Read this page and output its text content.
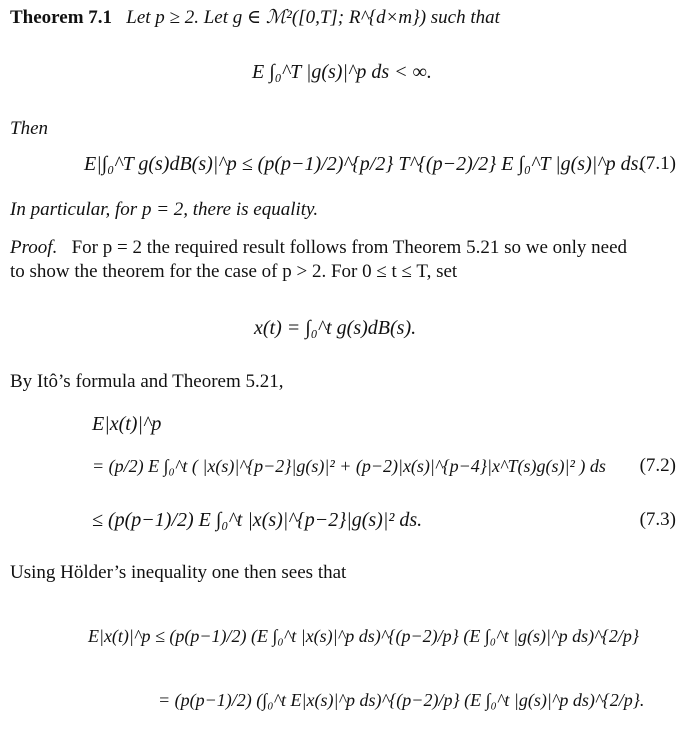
Theorem 7.1 Let p ≥ 2. Let g ∈ ℳ²([0,T]; R^{d×m}) such that
E ∫₀^T |g(s)|^p ds < ∞.
Then
E|∫₀^T g(s)dB(s)|^p ≤ (p(p−1)/2)^{p/2} T^{(p−2)/2} E ∫₀^T |g(s)|^p ds.
(7.1)
In particular, for p = 2, there is equality.
Proof. For p = 2 the required result follows from Theorem 5.21 so we only need
to show the theorem for the case of p > 2. For 0 ≤ t ≤ T, set
x(t) = ∫₀^t g(s)dB(s).
By Itô’s formula and Theorem 5.21,
E|x(t)|^p
= (p/2) E ∫₀^t ( |x(s)|^{p−2}|g(s)|² + (p−2)|x(s)|^{p−4}|x^T(s)g(s)|² ) ds (7.2)
≤ (p(p−1)/2) E ∫₀^t |x(s)|^{p−2}|g(s)|² ds.	(7.3)
Using Hölder’s inequality one then sees that
E|x(t)|^p ≤ (p(p−1)/2) (E ∫₀^t |x(s)|^p ds)^{(p−2)/p} (E ∫₀^t |g(s)|^p ds)^{2/p}
= (p(p−1)/2) (∫₀^t E|x(s)|^p ds)^{(p−2)/p} (E ∫₀^t |g(s)|^p ds)^{2/p}.
